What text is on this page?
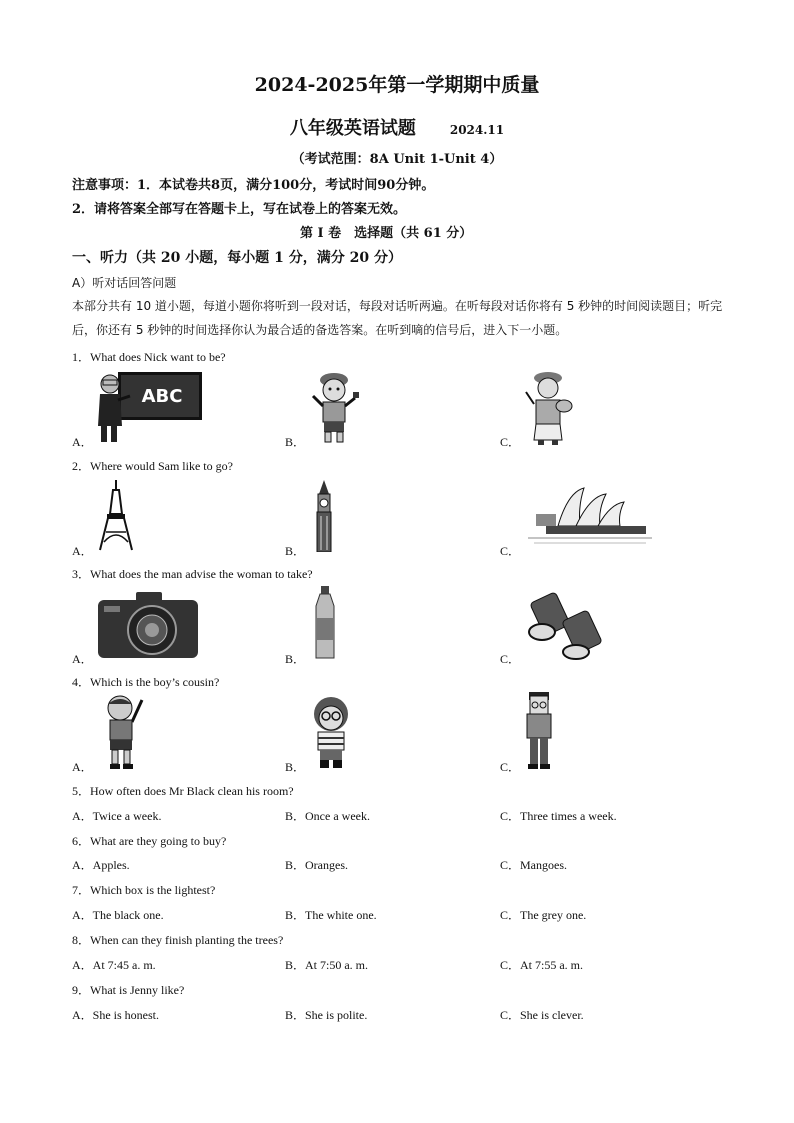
2024-2025年第一学期期中质量
八年级英语试题	2024.11
（考试范围：8A Unit 1-Unit 4）
注意事项：1．本试卷共8页，满分100分，考试时间90分钟。
2．请将答案全部写在答题卡上，写在试卷上的答案无效。
第 I 卷　选择题（共 61 分）
一、听力（共 20 小题，每小题 1 分，满分 20 分）
A）听对话回答问题
本部分共有 10 道小题，每道小题你将听到一段对话，每段对话听两遍。在听每段对话你将有 5 秒钟的时间阅读题目；听完后，你还有 5 秒钟的时间选择你认为最合适的备选答案。在听到嘀的信号后，进入下一小题。
1．What does Nick want to be?
A．	B．	C．
ABC
2．Where would Sam like to go?
A．	B．	C．
3．What does the man advise the woman to take?
A．	B．	C．
4．Which is the boy’s cousin?
A．	B．	C．
5．How often does Mr Black clean his room?
A．Twice a week.	B．Once a week.	C．Three times a week.
6．What are they going to buy?
A．Apples.	B．Oranges.	C．Mangoes.
7．Which box is the lightest?
A．The black one.	B．The white one.	C．The grey one.
8．When can they finish planting the trees?
A．At 7:45 a. m.	B．At 7:50 a. m.	C．At 7:55 a. m.
9．What is Jenny like?
A．She is honest.	B．She is polite.	C．She is clever.
